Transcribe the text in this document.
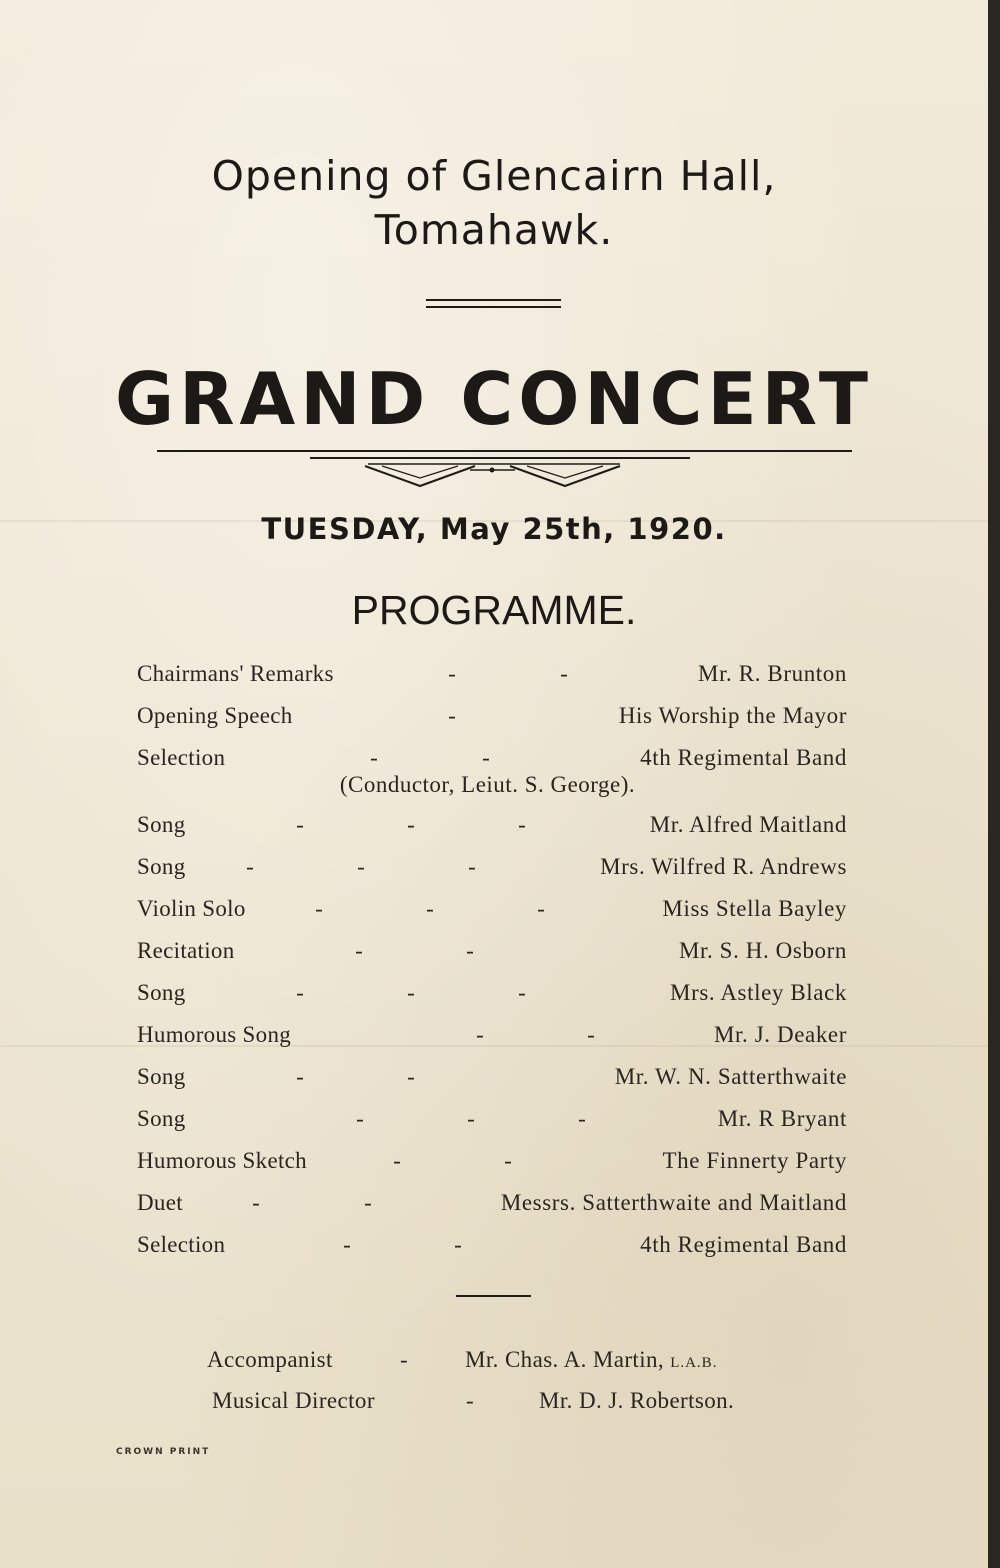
Opening of Glencairn Hall,
Tomahawk.
GRAND CONCERT
TUESDAY, May 25th, 1920.
PROGRAMME.
Chairmans' Remarks	-	-	Mr. R. Brunton
Opening Speech	-	His Worship the Mayor
Selection	-	-	4th Regimental Band
(Conductor, Leiut. S. George).
Song	-	-	-	Mr. Alfred Maitland
Song	-	-	-	Mrs. Wilfred R. Andrews
Violin Solo	-	-	-	Miss Stella Bayley
Recitation	-	-	Mr. S. H. Osborn
Song	-	-	-	Mrs. Astley Black
Humorous Song	-	-	Mr. J. Deaker
Song	-	-	Mr. W. N. Satterthwaite
Song	-	-	-	Mr. R Bryant
Humorous Sketch	-	-	The Finnerty Party
Duet	-	-	Messrs. Satterthwaite and Maitland
Selection	-	-	4th Regimental Band
Accompanist	- Mr. Chas. A. Martin, L.A.B.
Musical Director	-	Mr. D. J. Robertson.
CROWN PRINT
